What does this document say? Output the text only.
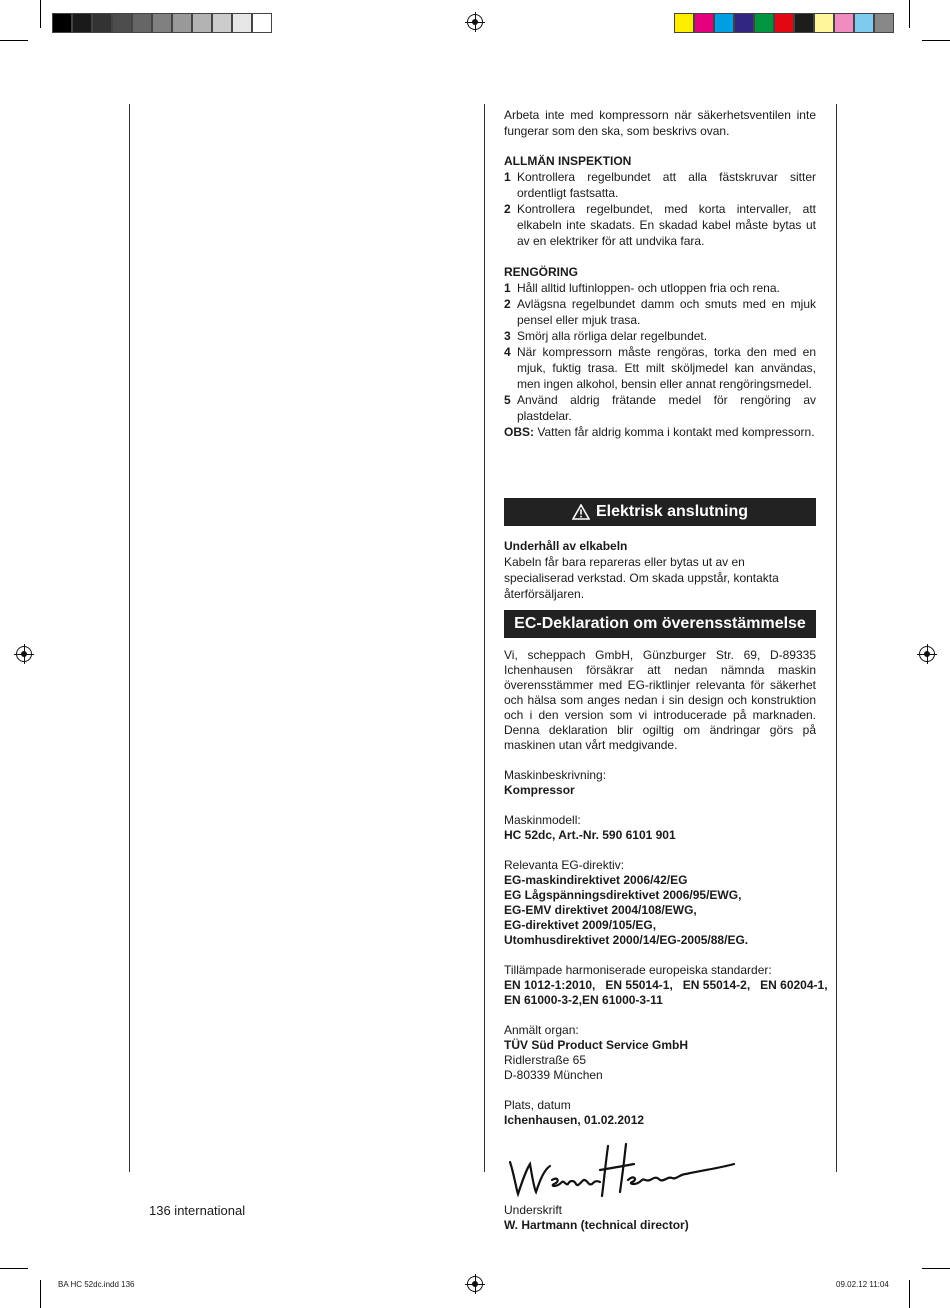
Arbeta inte med kompressorn när säkerhetsventilen inte fungerar som den ska, som beskrivs ovan.

ALLMÄN INSPEKTION
1 Kontrollera regelbundet att alla fästskruvar sitter ordentligt fastsatta.
2 Kontrollera regelbundet, med korta intervaller, att elkabeln inte skadats. En skadad kabel måste bytas ut av en elektriker för att undvika fara.
RENGÖRING
1 Håll alltid luftinloppen- och utloppen fria och rena.
2 Avlägsna regelbundet damm och smuts med en mjuk pensel eller mjuk trasa.
3 Smörj alla rörliga delar regelbundet.
4 När kompressorn måste rengöras, torka den med en mjuk, fuktig trasa. Ett milt sköljmedel kan användas, men ingen alkohol, bensin eller annat rengöringsmedel.
5 Använd aldrig frätande medel för rengöring av plastdelar.

OBS: Vatten får aldrig komma i kontakt med kompressorn.

Elektrisk anslutning
Underhåll av elkabeln

Kabeln får bara repareras eller bytas ut av en specialiserad verkstad. Om skada uppstår, kontakta återförsäljaren.

EC-Deklaration om överensstämmelse

Vi, scheppach GmbH, Günzburger Str. 69, D-89335 Ichenhausen försäkrar att nedan nämnda maskin överensstämmer med EG-riktlinjer relevanta för säkerhet och hälsa som anges nedan i sin design och konstruktion och i den version som vi introducerade på marknaden. Denna deklaration blir ogiltig om ändringar görs på maskinen utan vårt medgivande.

Maskinbeskrivning:

Kompressor

Maskinmodell:

HC 52dc, Art.-Nr. 590 6101 901

Relevanta EG-direktiv:

EG-maskindirektivet 2006/42/EG

EG Lågspänningsdirektivet 2006/95/EWG,

EG-EMV direktivet 2004/108/EWG,

EG-direktivet 2009/105/EG,

Utomhusdirektivet 2000/14/EG-2005/88/EG.

Tillämpade harmoniserade europeiska standarder:

EN 1012-1:2010,   EN 55014-1,   EN 55014-2,   EN 60204-1,

EN 61000-3-2,EN 61000-3-11

Anmält organ:

TÜV Süd Product Service GmbH

Ridlerstraße 65

D-80339 München

Plats, datum

Ichenhausen, 01.02.2012

Underskrift

W. Hartmann (technical director)

136 international
BA HC 52dc.indd 136	09.02.12 11:04
